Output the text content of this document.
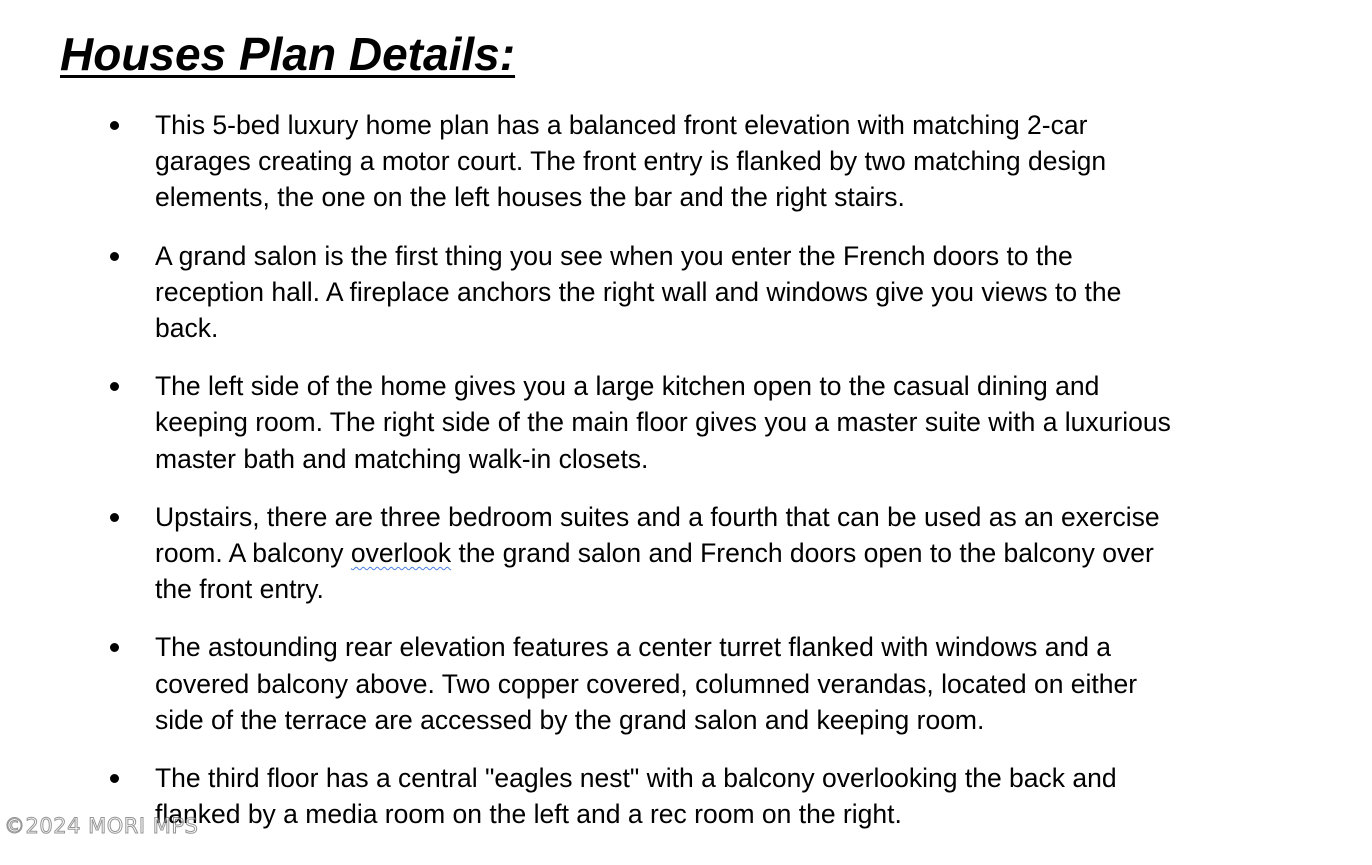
Houses Plan Details:
This 5-bed luxury home plan has a balanced front elevation with matching 2-car
garages creating a motor court. The front entry is flanked by two matching design
elements, the one on the left houses the bar and the right stairs.
A grand salon is the first thing you see when you enter the French doors to the
reception hall. A fireplace anchors the right wall and windows give you views to the
back.
The left side of the home gives you a large kitchen open to the casual dining and
keeping room. The right side of the main floor gives you a master suite with a luxurious
master bath and matching walk-in closets.
Upstairs, there are three bedroom suites and a fourth that can be used as an exercise
room. A balcony overlook the grand salon and French doors open to the balcony over
the front entry.
The astounding rear elevation features a center turret flanked with windows and a
covered balcony above. Two copper covered, columned verandas, located on either
side of the terrace are accessed by the grand salon and keeping room.
The third floor has a central "eagles nest" with a balcony overlooking the back and
flanked by a media room on the left and a rec room on the right.
©2024 MORI MPS
